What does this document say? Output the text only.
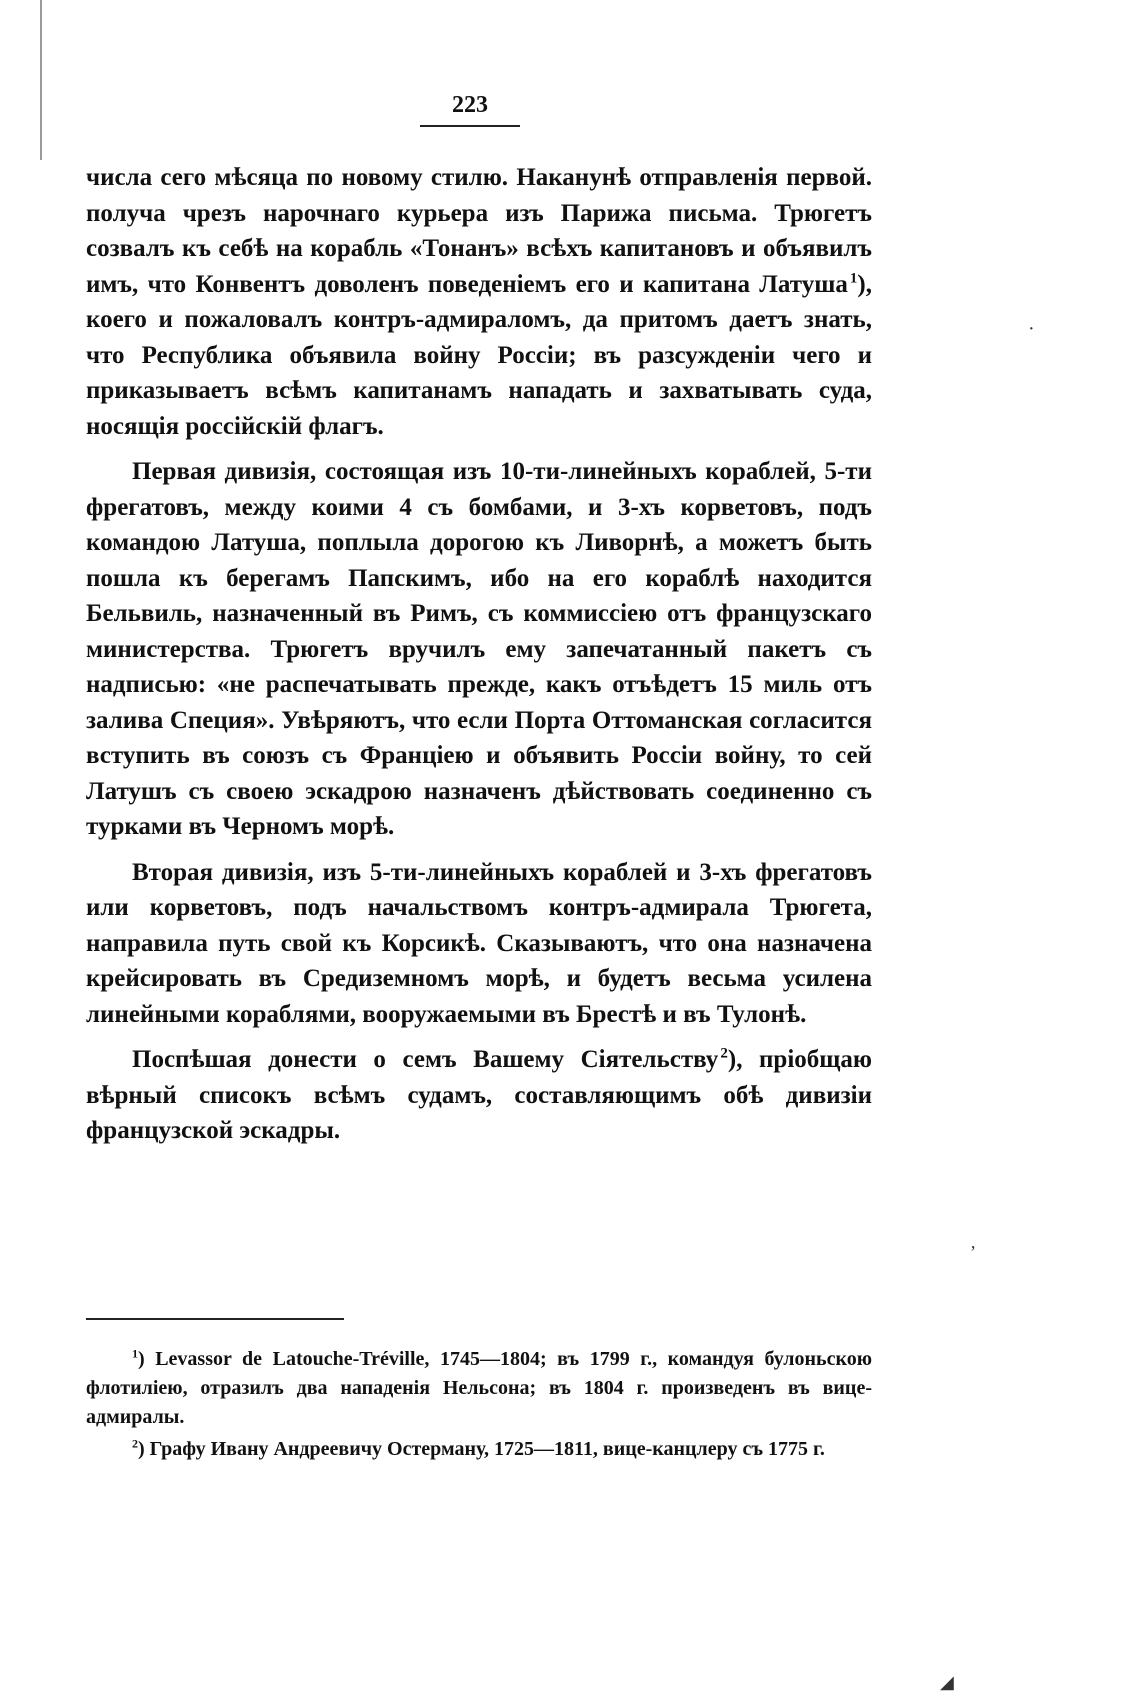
223

числа сего мѣсяца по новому стилю. Наканунѣ отправленія первой. получа чрезъ нарочнаго курьера изъ Парижа письма. Трюгетъ созвалъ къ себѣ на корабль «Тонанъ» всѣхъ капитановъ и объявилъ имъ, что Конвентъ доволенъ поведеніемъ его и капитана Латуша  $^1$), коего и пожаловалъ контръ-адмираломъ, да притомъ даетъ знать, что Республика объявила войну Россіи; въ разсужденіи чего и приказываетъ всѣмъ капитанамъ нападать и захватывать суда, носящія россійскій флагъ.

Первая дивизія, состоящая изъ 10-ти-линейныхъ кораблей, 5-ти фрегатовъ, между коими 4 съ бомбами, и 3-хъ корветовъ, подъ командою Латуша, поплыла дорогою къ Ливорнѣ, а можетъ быть пошла къ берегамъ Папскимъ, ибо на его кораблѣ находится Бельвиль, назначенный въ Римъ, съ коммиссіею отъ французскаго министерства. Трюгетъ вручилъ ему запечатанный пакетъ съ надписью: «не распечатывать прежде, какъ отъѣдетъ 15 миль отъ залива Специя». Увѣряютъ, что если Порта Оттоманская согласится вступить въ союзъ съ Франціею и объявить Россіи войну, то сей Латушъ съ своею эскадрою назначенъ дѣйствовать соединенно съ турками въ Черномъ морѣ.

Вторая дивизія, изъ 5-ти-линейныхъ кораблей и 3-хъ фрегатовъ или корветовъ, подъ начальствомъ контръ-адмирала Трюгета, направила путь свой къ Корсикѣ. Сказываютъ, что она назначена крейсировать въ Средиземномъ морѣ, и будетъ весьма усилена линейными кораблями, вооружаемыми въ Брестѣ и въ Тулонѣ.

Поспѣшая донести о семъ Вашему Сіятельству  $^2$), пріобщаю вѣрный списокъ всѣмъ судамъ, составляющимъ обѣ дивизіи французской эскадры.

$^1$) Levassor de Latouche-Tréville, 1745—1804; въ 1799 г., командуя булоньскою флотиліею, отразилъ два нападенія Нельсона; въ 1804 г. произведенъ въ вице-адмиралы.

$^2$) Графу Ивану Андреевичу Остерману, 1725—1811, вице-канцлеру съ 1775 г.

·
ʼ
◢
